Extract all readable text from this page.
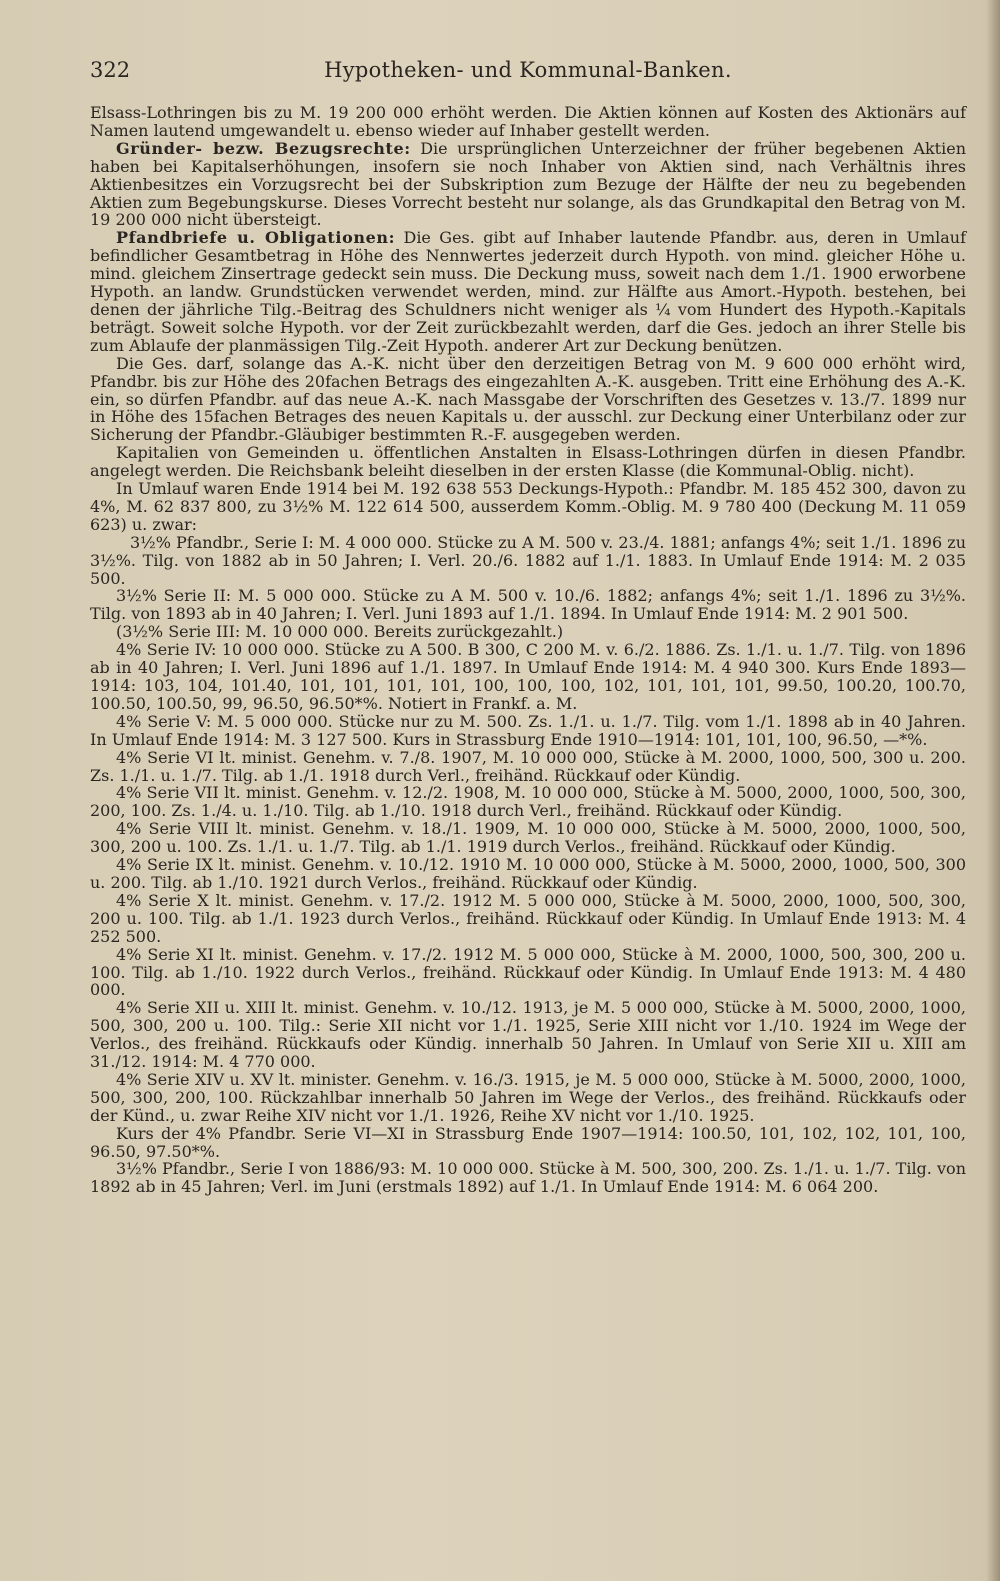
322	Hypotheken- und Kommunal-Banken.

Elsass-Lothringen bis zu M. 19 200 000 erhöht werden. Die Aktien können auf Kosten des Aktionärs auf Namen lautend umgewandelt u. ebenso wieder auf Inhaber gestellt werden.

Gründer- bezw. Bezugsrechte: Die ursprünglichen Unterzeichner der früher begebenen Aktien haben bei Kapitalserhöhungen, insofern sie noch Inhaber von Aktien sind, nach Verhältnis ihres Aktienbesitzes ein Vorzugsrecht bei der Subskription zum Bezuge der Hälfte der neu zu begebenden Aktien zum Begebungskurse. Dieses Vorrecht besteht nur solange, als das Grundkapital den Betrag von M. 19 200 000 nicht übersteigt.

Pfandbriefe u. Obligationen: Die Ges. gibt auf Inhaber lautende Pfandbr. aus, deren in Umlauf befindlicher Gesamtbetrag in Höhe des Nennwertes jederzeit durch Hypoth. von mind. gleicher Höhe u. mind. gleichem Zinsertrage gedeckt sein muss. Die Deckung muss, soweit nach dem 1./1. 1900 erworbene Hypoth. an landw. Grundstücken verwendet werden, mind. zur Hälfte aus Amort.-Hypoth. bestehen, bei denen der jährliche Tilg.-Beitrag des Schuldners nicht weniger als ¼ vom Hundert des Hypoth.-Kapitals beträgt. Soweit solche Hypoth. vor der Zeit zurückbezahlt werden, darf die Ges. jedoch an ihrer Stelle bis zum Ablaufe der planmässigen Tilg.-Zeit Hypoth. anderer Art zur Deckung benützen.

Die Ges. darf, solange das A.-K. nicht über den derzeitigen Betrag von M. 9 600 000 erhöht wird, Pfandbr. bis zur Höhe des 20fachen Betrags des eingezahlten A.-K. ausgeben. Tritt eine Erhöhung des A.-K. ein, so dürfen Pfandbr. auf das neue A.-K. nach Massgabe der Vorschriften des Gesetzes v. 13./7. 1899 nur in Höhe des 15fachen Betrages des neuen Kapitals u. der ausschl. zur Deckung einer Unterbilanz oder zur Sicherung der Pfandbr.-Gläubiger bestimmten R.-F. ausgegeben werden.

Kapitalien von Gemeinden u. öffentlichen Anstalten in Elsass-Lothringen dürfen in diesen Pfandbr. angelegt werden. Die Reichsbank beleiht dieselben in der ersten Klasse (die Kommunal-Oblig. nicht).

In Umlauf waren Ende 1914 bei M. 192 638 553 Deckungs-Hypoth.: Pfandbr. M. 185 452 300, davon zu 4%, M. 62 837 800, zu 3½% M. 122 614 500, ausserdem Komm.-Oblig. M. 9 780 400 (Deckung M. 11 059 623) u. zwar:

3½% Pfandbr., Serie I: M. 4 000 000. Stücke zu A M. 500 v. 23./4. 1881; anfangs 4%; seit 1./1. 1896 zu 3½%. Tilg. von 1882 ab in 50 Jahren; I. Verl. 20./6. 1882 auf 1./1. 1883. In Umlauf Ende 1914: M. 2 035 500.

3½% Serie II: M. 5 000 000. Stücke zu A M. 500 v. 10./6. 1882; anfangs 4%; seit 1./1. 1896 zu 3½%. Tilg. von 1893 ab in 40 Jahren; I. Verl. Juni 1893 auf 1./1. 1894. In Umlauf Ende 1914: M. 2 901 500.

(3½% Serie III: M. 10 000 000. Bereits zurückgezahlt.)

4% Serie IV: 10 000 000. Stücke zu A 500. B 300, C 200 M. v. 6./2. 1886. Zs. 1./1. u. 1./7. Tilg. von 1896 ab in 40 Jahren; I. Verl. Juni 1896 auf 1./1. 1897. In Umlauf Ende 1914: M. 4 940 300. Kurs Ende 1893—1914: 103, 104, 101.40, 101, 101, 101, 101, 100, 100, 100, 102, 101, 101, 101, 99.50, 100.20, 100.70, 100.50, 100.50, 99, 96.50, 96.50*%. Notiert in Frankf. a. M.

4% Serie V: M. 5 000 000. Stücke nur zu M. 500. Zs. 1./1. u. 1./7. Tilg. vom 1./1. 1898 ab in 40 Jahren. In Umlauf Ende 1914: M. 3 127 500. Kurs in Strassburg Ende 1910—1914: 101, 101, 100, 96.50, —*%.

4% Serie VI lt. minist. Genehm. v. 7./8. 1907, M. 10 000 000, Stücke à M. 2000, 1000, 500, 300 u. 200. Zs. 1./1. u. 1./7. Tilg. ab 1./1. 1918 durch Verl., freihänd. Rückkauf oder Kündig.

4% Serie VII lt. minist. Genehm. v. 12./2. 1908, M. 10 000 000, Stücke à M. 5000, 2000, 1000, 500, 300, 200, 100. Zs. 1./4. u. 1./10. Tilg. ab 1./10. 1918 durch Verl., freihänd. Rückkauf oder Kündig.

4% Serie VIII lt. minist. Genehm. v. 18./1. 1909, M. 10 000 000, Stücke à M. 5000, 2000, 1000, 500, 300, 200 u. 100. Zs. 1./1. u. 1./7. Tilg. ab 1./1. 1919 durch Verlos., freihänd. Rückkauf oder Kündig.

4% Serie IX lt. minist. Genehm. v. 10./12. 1910 M. 10 000 000, Stücke à M. 5000, 2000, 1000, 500, 300 u. 200. Tilg. ab 1./10. 1921 durch Verlos., freihänd. Rückkauf oder Kündig.

4% Serie X lt. minist. Genehm. v. 17./2. 1912 M. 5 000 000, Stücke à M. 5000, 2000, 1000, 500, 300, 200 u. 100. Tilg. ab 1./1. 1923 durch Verlos., freihänd. Rückkauf oder Kündig. In Umlauf Ende 1913: M. 4 252 500.

4% Serie XI lt. minist. Genehm. v. 17./2. 1912 M. 5 000 000, Stücke à M. 2000, 1000, 500, 300, 200 u. 100. Tilg. ab 1./10. 1922 durch Verlos., freihänd. Rückkauf oder Kündig. In Umlauf Ende 1913: M. 4 480 000.

4% Serie XII u. XIII lt. minist. Genehm. v. 10./12. 1913, je M. 5 000 000, Stücke à M. 5000, 2000, 1000, 500, 300, 200 u. 100. Tilg.: Serie XII nicht vor 1./1. 1925, Serie XIII nicht vor 1./10. 1924 im Wege der Verlos., des freihänd. Rückkaufs oder Kündig. innerhalb 50 Jahren. In Umlauf von Serie XII u. XIII am 31./12. 1914: M. 4 770 000.

4% Serie XIV u. XV lt. minister. Genehm. v. 16./3. 1915, je M. 5 000 000, Stücke à M. 5000, 2000, 1000, 500, 300, 200, 100. Rückzahlbar innerhalb 50 Jahren im Wege der Verlos., des freihänd. Rückkaufs oder der Künd., u. zwar Reihe XIV nicht vor 1./1. 1926, Reihe XV nicht vor 1./10. 1925.

Kurs der 4% Pfandbr. Serie VI—XI in Strassburg Ende 1907—1914: 100.50, 101, 102, 102, 101, 100, 96.50, 97.50*%.

3½% Pfandbr., Serie I von 1886/93: M. 10 000 000. Stücke à M. 500, 300, 200. Zs. 1./1. u. 1./7. Tilg. von 1892 ab in 45 Jahren; Verl. im Juni (erstmals 1892) auf 1./1. In Umlauf Ende 1914: M. 6 064 200.
